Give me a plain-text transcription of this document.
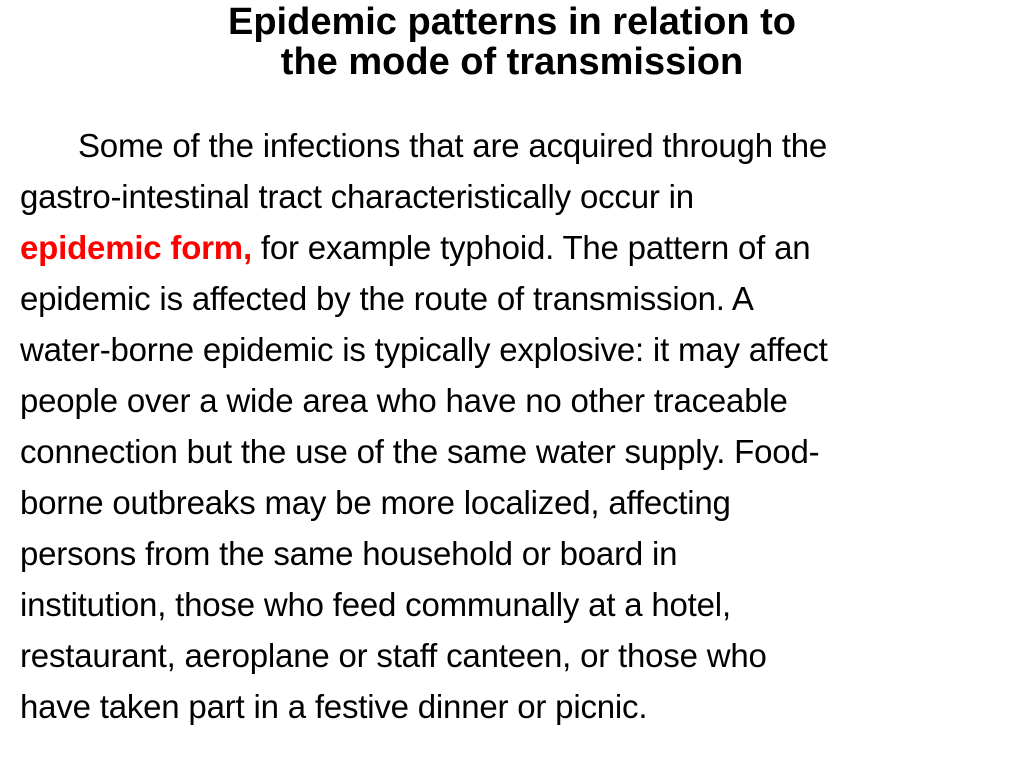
Epidemic patterns in relation to
the mode of transmission
Some of the infections that are acquired through the
gastro-intestinal tract characteristically occur in
epidemic form, for example typhoid. The pattern of an
epidemic is affected by the route of transmission. A
water-borne epidemic is typically explosive: it may affect
people over a wide area who have no other traceable
connection but the use of the same water supply. Food-
borne outbreaks may be more localized, affecting
persons from the same household or board in
institution, those who feed communally at a hotel,
restaurant, aeroplane or staff canteen, or those who
have taken part in a festive dinner or picnic.
